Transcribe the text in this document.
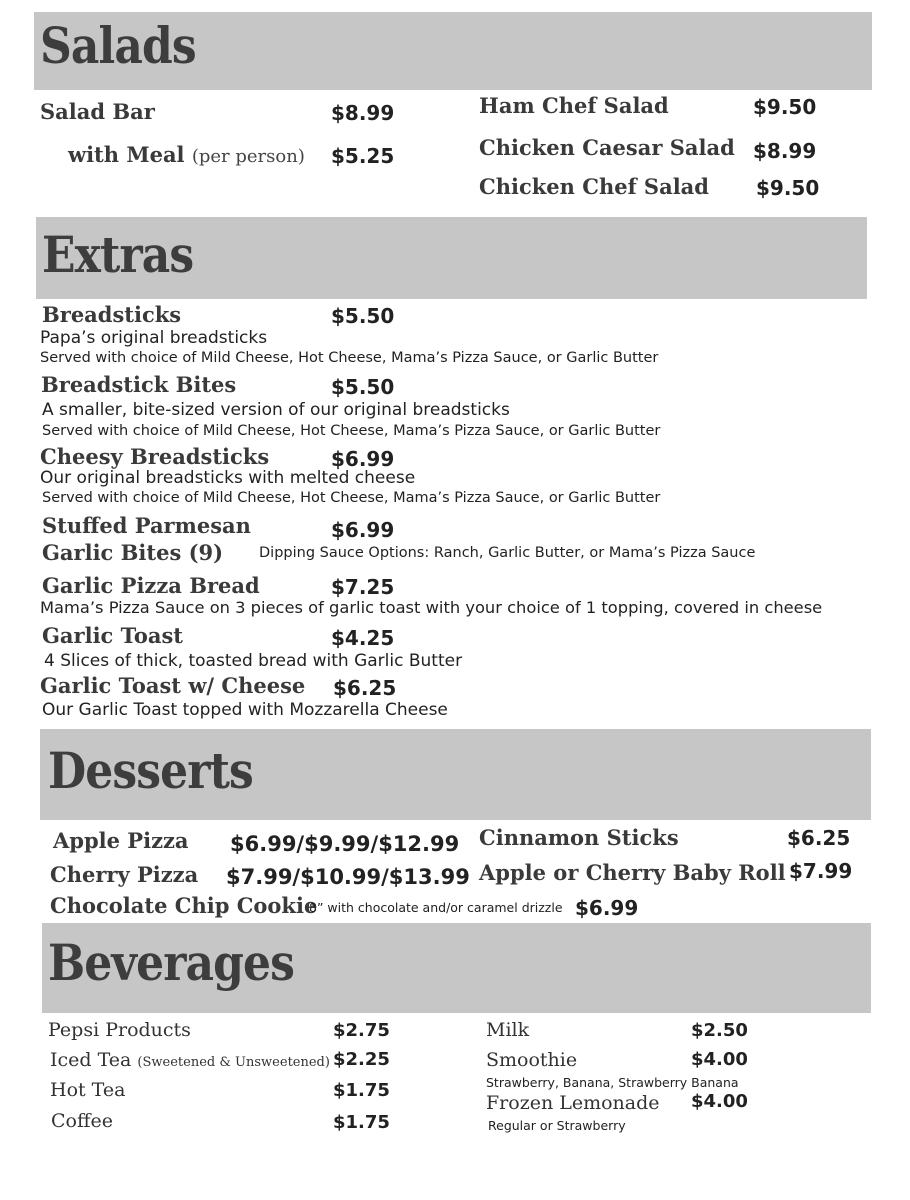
Salads
Salad Bar	$8.99
with Meal (per person) $5.25
Ham Chef Salad	$9.50
Chicken Caesar Salad $8.99
Chicken Chef Salad $9.50
Extras
Breadsticks	$5.50
Papa’s original breadsticks
Served with choice of Mild Cheese, Hot Cheese, Mama’s Pizza Sauce, or Garlic Butter
Breadstick Bites	$5.50
A smaller, bite-sized version of our original breadsticks
Served with choice of Mild Cheese, Hot Cheese, Mama’s Pizza Sauce, or Garlic Butter
Cheesy Breadsticks	$6.99
Our original breadsticks with melted cheese
Served with choice of Mild Cheese, Hot Cheese, Mama’s Pizza Sauce, or Garlic Butter
Stuffed Parmesan	$6.99
Garlic Bites (9) Dipping Sauce Options: Ranch, Garlic Butter, or Mama’s Pizza Sauce
Garlic Pizza Bread	$7.25
Mama’s Pizza Sauce on 3 pieces of garlic toast with your choice of 1 topping, covered in cheese
Garlic Toast	$4.25
4 Slices of thick, toasted bread with Garlic Butter
Garlic Toast w/ Cheese $6.25
Our Garlic Toast topped with Mozzarella Cheese
Desserts
Apple Pizza $6.99/$9.99/$12.99
Cherry Pizza $7.99/$10.99/$13.99
Chocolate Chip Cookie
8” with chocolate and/or caramel drizzle $6.99
Cinnamon Sticks	$6.25
Apple or Cherry Baby Roll $7.99
Beverages
Pepsi Products	$2.75
Iced Tea (Sweetened & Unsweetened) $2.25
Hot Tea	$1.75
Coffee	$1.75
Milk	$2.50
Smoothie	$4.00
Strawberry, Banana, Strawberry Banana
Frozen Lemonade $4.00
Regular or Strawberry
